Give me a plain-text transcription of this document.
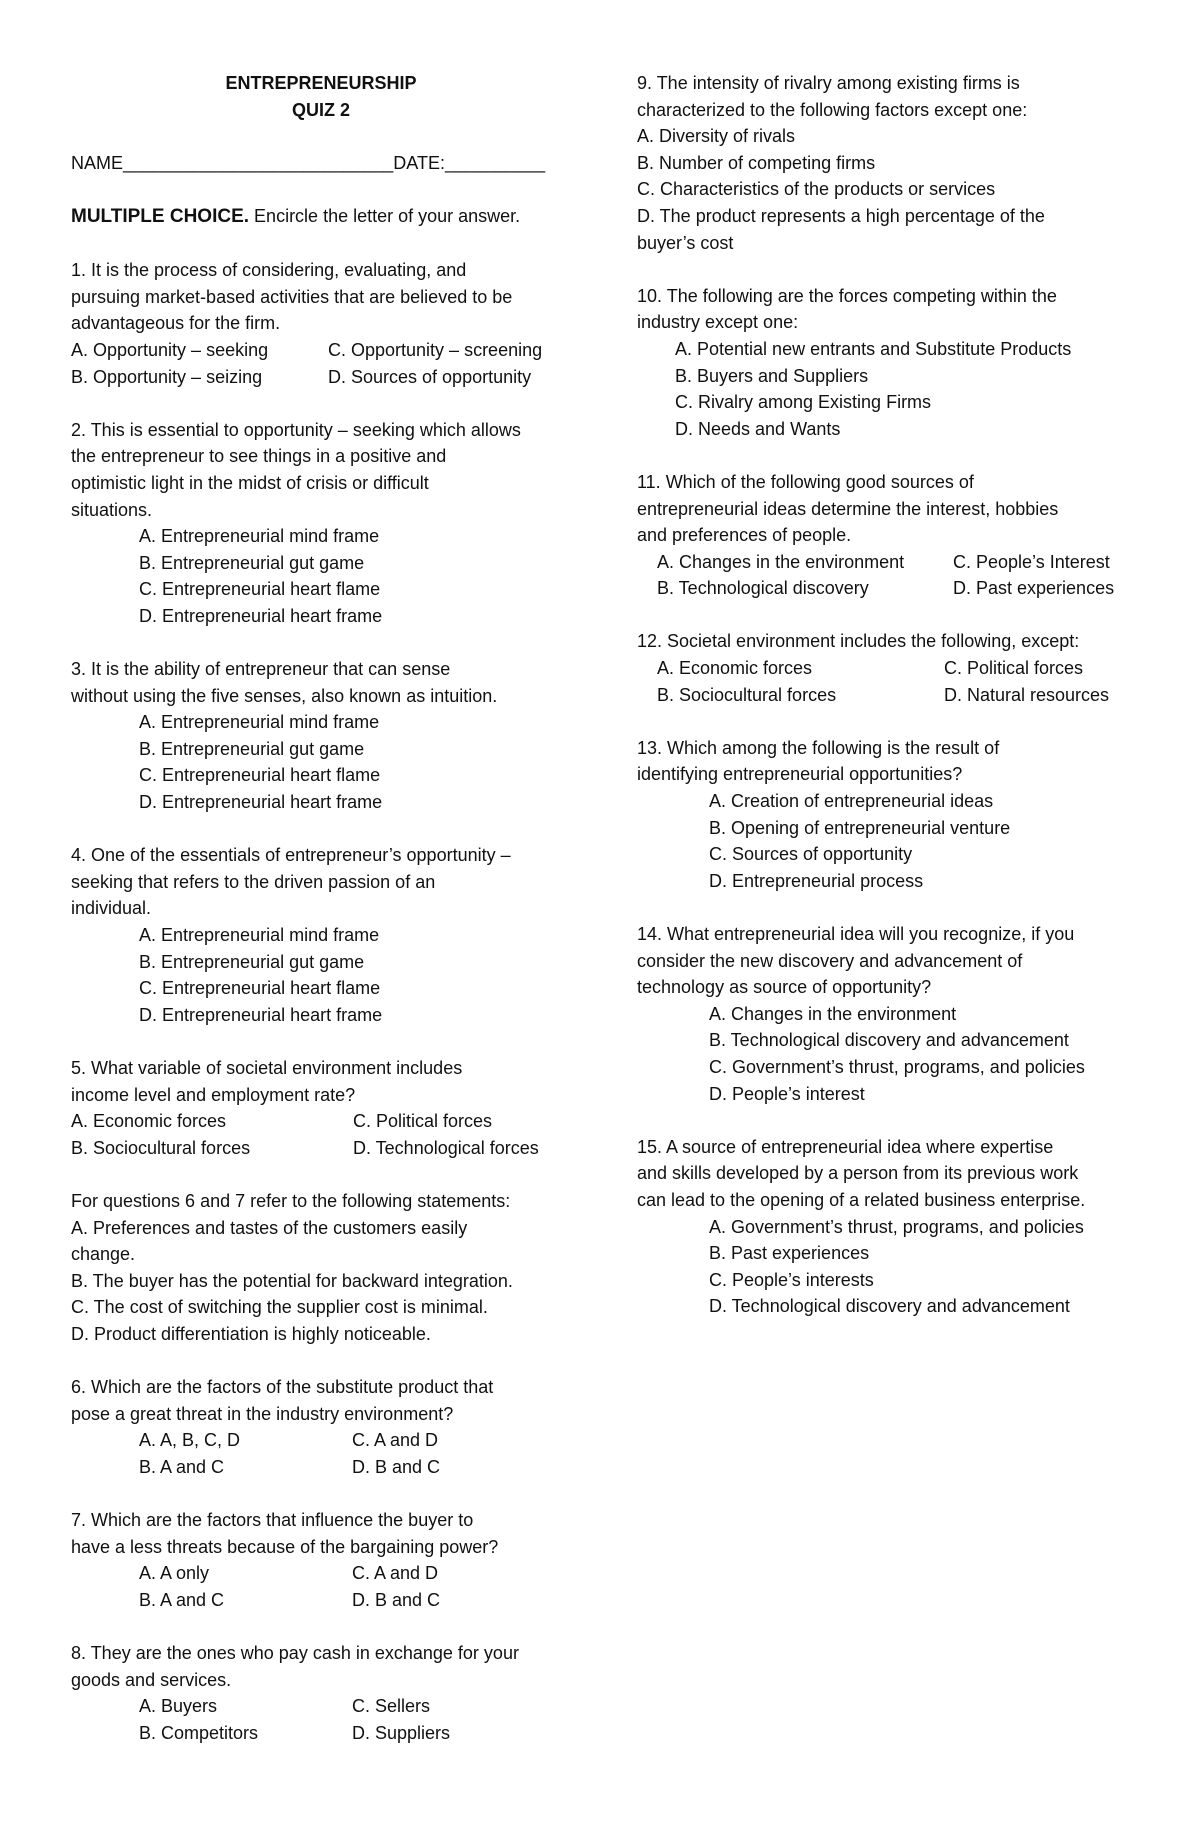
ENTREPRENEURSHIP
QUIZ 2
NAME___________________________DATE:__________
MULTIPLE CHOICE. Encircle the letter of your answer.
1. It is the process of considering, evaluating, and
pursuing market-based activities that are believed to be
advantageous for the firm.
A. Opportunity – seeking	C. Opportunity – screening
B. Opportunity – seizing	D. Sources of opportunity
2. This is essential to opportunity – seeking which allows
the entrepreneur to see things in a positive and
optimistic light in the midst of crisis or difficult
situations.
A. Entrepreneurial mind frame
B. Entrepreneurial gut game
C. Entrepreneurial heart flame
D. Entrepreneurial heart frame
3. It is the ability of entrepreneur that can sense
without using the five senses, also known as intuition.
A. Entrepreneurial mind frame
B. Entrepreneurial gut game
C. Entrepreneurial heart flame
D. Entrepreneurial heart frame
4. One of the essentials of entrepreneur’s opportunity –
seeking that refers to the driven passion of an
individual.
A. Entrepreneurial mind frame
B. Entrepreneurial gut game
C. Entrepreneurial heart flame
D. Entrepreneurial heart frame
5. What variable of societal environment includes
income level and employment rate?
A. Economic forces	C. Political forces
B. Sociocultural forces	D. Technological forces
For questions 6 and 7 refer to the following statements:
A. Preferences and tastes of the customers easily
change.
B. The buyer has the potential for backward integration.
C. The cost of switching the supplier cost is minimal.
D. Product differentiation is highly noticeable.
6. Which are the factors of the substitute product that
pose a great threat in the industry environment?
A. A, B, C, D	C. A and D
B. A and C	D. B and C
7. Which are the factors that influence the buyer to
have a less threats because of the bargaining power?
A. A only	C. A and D
B. A and C	D. B and C
8. They are the ones who pay cash in exchange for your
goods and services.
A. Buyers	C. Sellers
B. Competitors	D. Suppliers
9. The intensity of rivalry among existing firms is
characterized to the following factors except one:
A. Diversity of rivals
B. Number of competing firms
C. Characteristics of the products or services
D. The product represents a high percentage of the
buyer’s cost
10. The following are the forces competing within the
industry except one:
A. Potential new entrants and Substitute Products
B. Buyers and Suppliers
C. Rivalry among Existing Firms
D. Needs and Wants
11. Which of the following good sources of
entrepreneurial ideas determine the interest, hobbies
and preferences of people.
A. Changes in the environment	C. People’s Interest
B. Technological discovery	D. Past experiences
12. Societal environment includes the following, except:
A. Economic forces	C. Political forces
B. Sociocultural forces	D. Natural resources
13. Which among the following is the result of
identifying entrepreneurial opportunities?
A. Creation of entrepreneurial ideas
B. Opening of entrepreneurial venture
C. Sources of opportunity
D. Entrepreneurial process
14. What entrepreneurial idea will you recognize, if you
consider the new discovery and advancement of
technology as source of opportunity?
A. Changes in the environment
B. Technological discovery and advancement
C. Government’s thrust, programs, and policies
D. People’s interest
15. A source of entrepreneurial idea where expertise
and skills developed by a person from its previous work
can lead to the opening of a related business enterprise.
A. Government’s thrust, programs, and policies
B. Past experiences
C. People’s interests
D. Technological discovery and advancement
